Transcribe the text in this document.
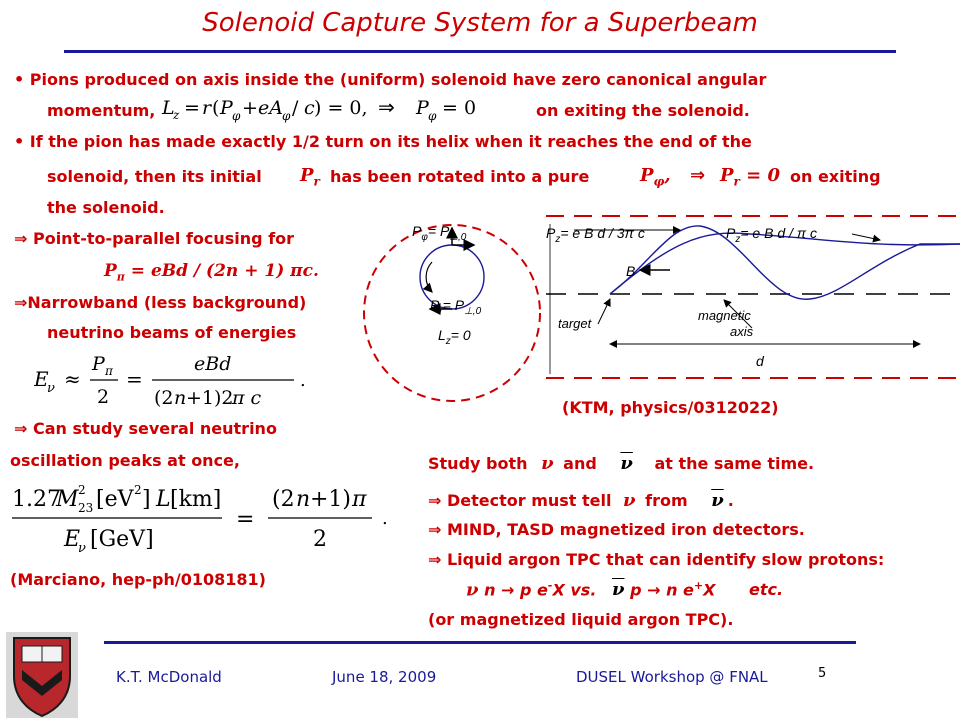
Solenoid Capture System for a Superbeam
• Pions produced on axis inside the (uniform) solenoid have zero canonical angular
momentum, L
z = r ( P φ + eA φ / c ) = 0, ⇒ P φ = 0	on exiting the solenoid.
• If the pion has made exactly 1/2 turn on its helix when it reaches the end of the
solenoid, then its initial $P_r$ has been rotated into a pure	$P_\varphi$, ⇒ $P_r = 0$ on exiting
the solenoid.
⇒ Point-to-parallel focusing for
$P_\pi$ = eBd / (2n + 1) πc.
⇒Narrowband (less background)
neutrino beams of energies
E
ν ≈
P π
2
=
eBd
(2 n +1)2
π c
.
⇒ Can study several neutrino
oscillation peaks at once,
1.27
M 2
23 [eV 2 ] L [km]
E
ν [GeV]
=
(2 n +1) π
2
.
(Marciano, hep-ph/0108181)
$P_\varphi= P_{\perp,0}$
$P_r= P_{\perp,0}$
$L_z= 0$
$P_z= e$ B d / 3π c	$P_z= e$ B d / π c
B
target
magnetic
axis
d
(KTM, physics/0312022)
Study both ν and $\overline{\nu}$ at the same time.
⇒ Detector must tell ν from $\overline{\nu}$ .
⇒ MIND, TASD magnetized iron detectors.
⇒ Liquid argon TPC that can identify slow protons:
ν n → p e-X vs. $\overline{\nu}$ p → n e+X etc.
(or magnetized liquid argon TPC).
K.T. McDonald	June 18, 2009	DUSEL Workshop @ FNAL	5
